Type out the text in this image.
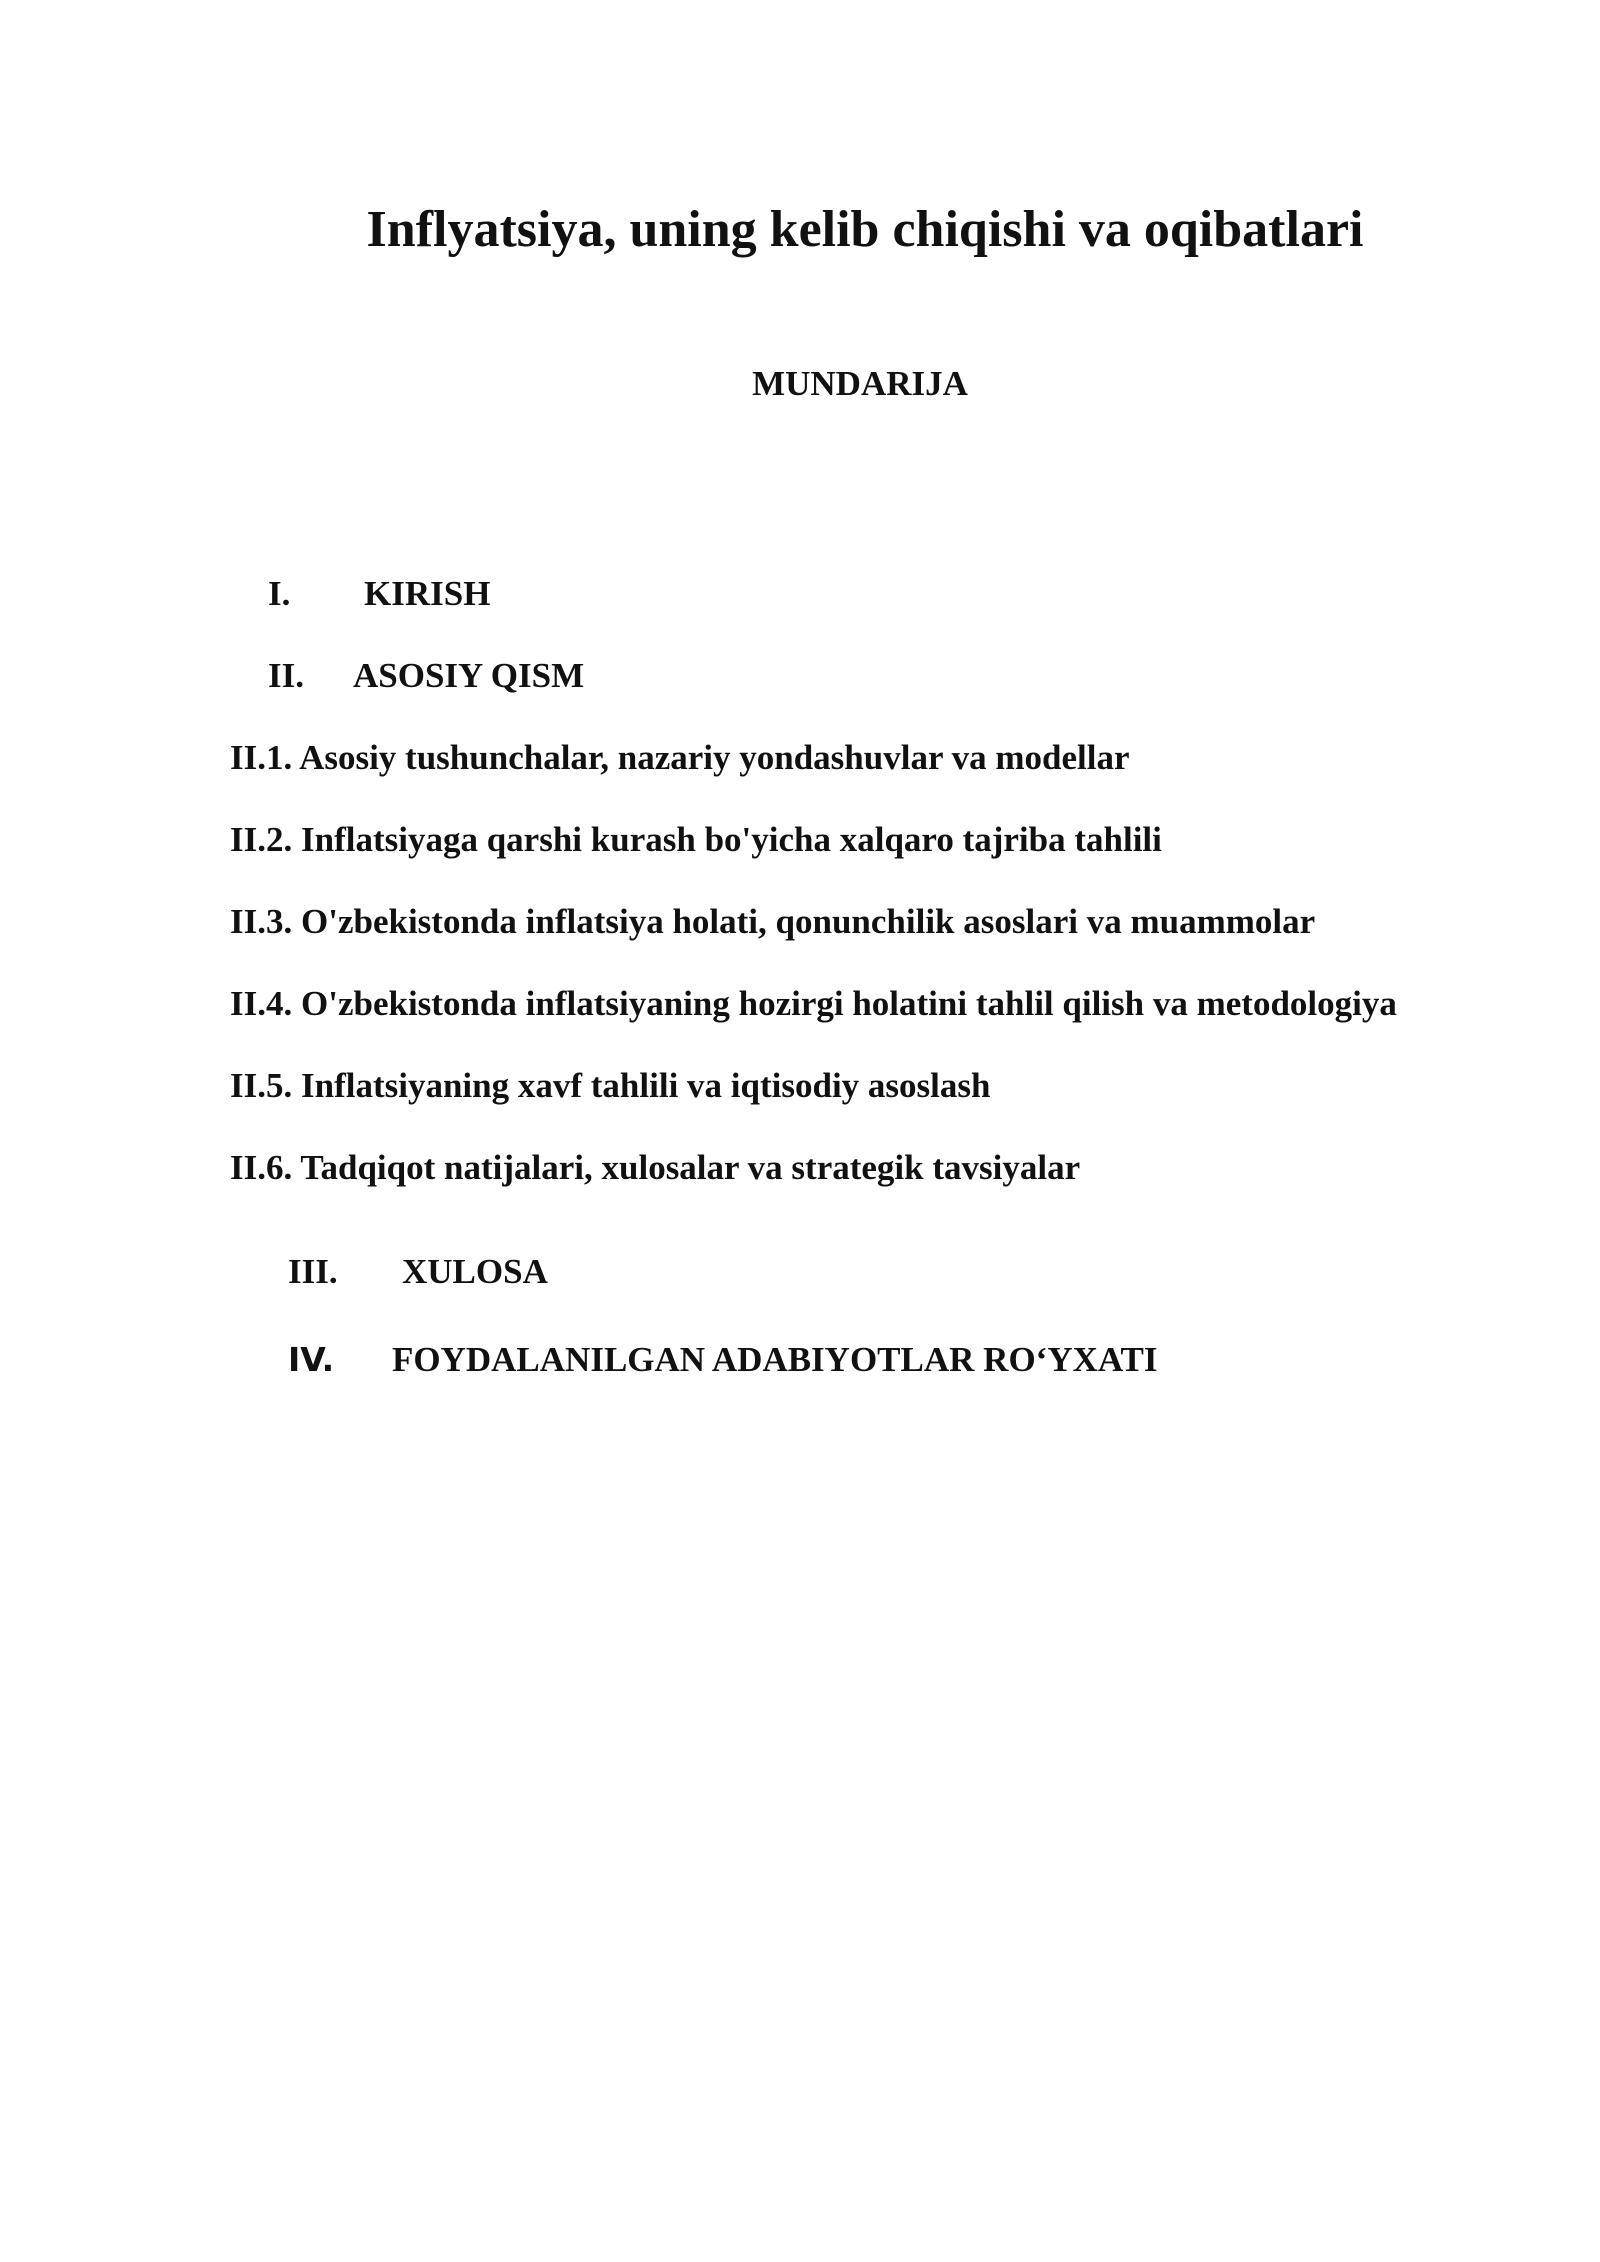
Inflyatsiya, uning kelib chiqishi va oqibatlari
MUNDARIJA
I. KIRISH
II. ASOSIY QISM
II.1. Asosiy tushunchalar, nazariy yondashuvlar va modellar
II.2. Inflatsiyaga qarshi kurash bo'yicha xalqaro tajriba tahlili
II.3. O'zbekistonda inflatsiya holati, qonunchilik asoslari va muammolar
II.4. O'zbekistonda inflatsiyaning hozirgi holatini tahlil qilish va metodologiya
II.5. Inflatsiyaning xavf tahlili va iqtisodiy asoslash
II.6. Tadqiqot natijalari, xulosalar va strategik tavsiyalar
III. XULOSA
IV. FOYDALANILGAN ADABIYOTLAR RO‘YXATI
